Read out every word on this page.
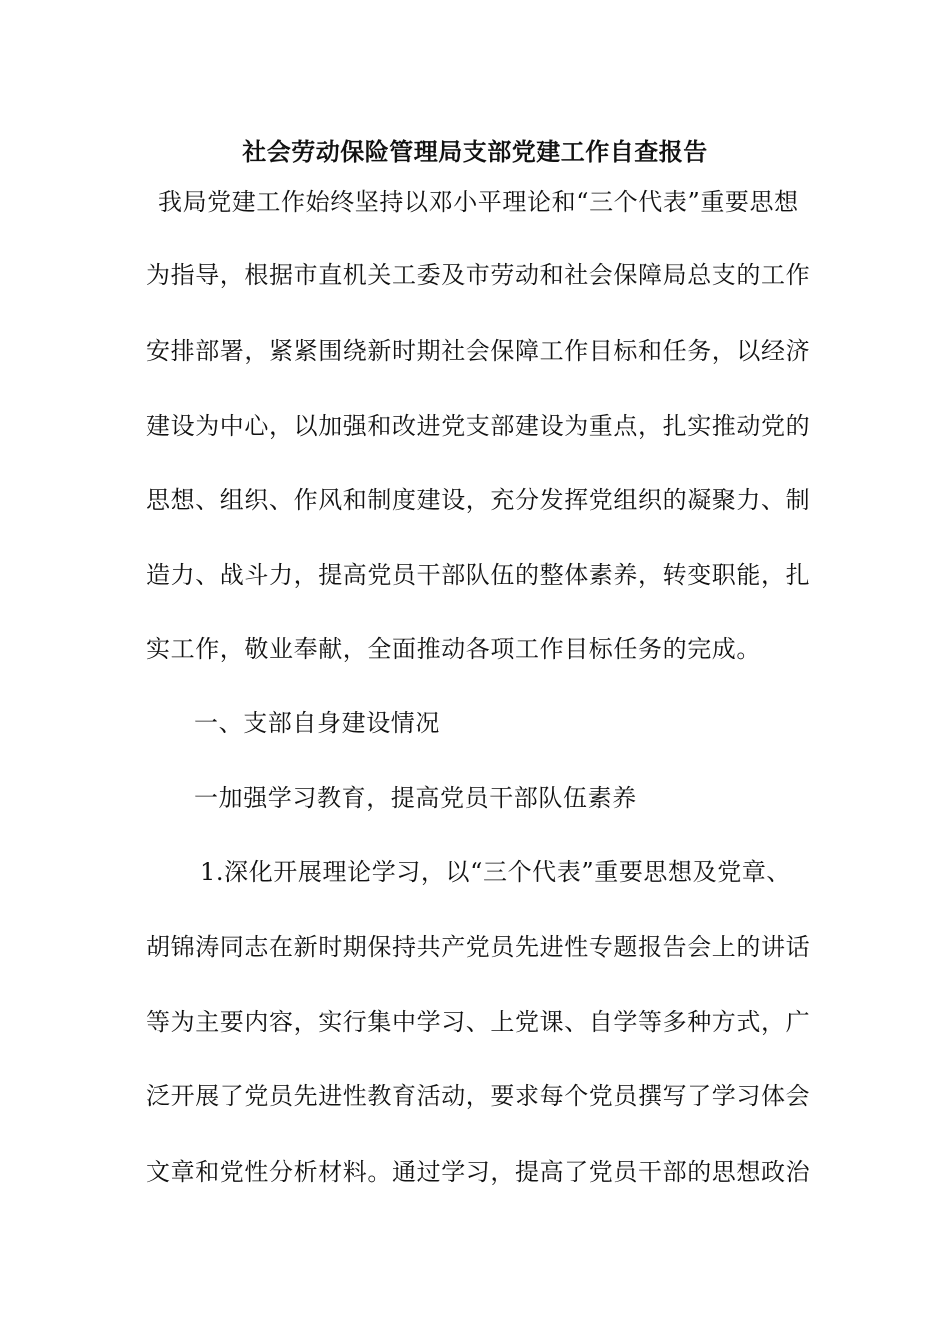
社会劳动保险管理局支部党建工作自查报告
我局党建工作始终坚持以邓小平理论和“三个代表”重要思想
为指导，根据市直机关工委及市劳动和社会保障局总支的工作
安排部署，紧紧围绕新时期社会保障工作目标和任务，以经济
建设为中心，以加强和改进党支部建设为重点，扎实推动党的
思想、组织、作风和制度建设，充分发挥党组织的凝聚力、制
造力、战斗力，提高党员干部队伍的整体素养，转变职能，扎
实工作，敬业奉献，全面推动各项工作目标任务的完成。
一、支部自身建设情况
一加强学习教育，提高党员干部队伍素养
1.深化开展理论学习，以“三个代表”重要思想及党章、
胡锦涛同志在新时期保持共产党员先进性专题报告会上的讲话
等为主要内容，实行集中学习、上党课、自学等多种方式，广
泛开展了党员先进性教育活动，要求每个党员撰写了学习体会
文章和党性分析材料。通过学习，提高了党员干部的思想政治
